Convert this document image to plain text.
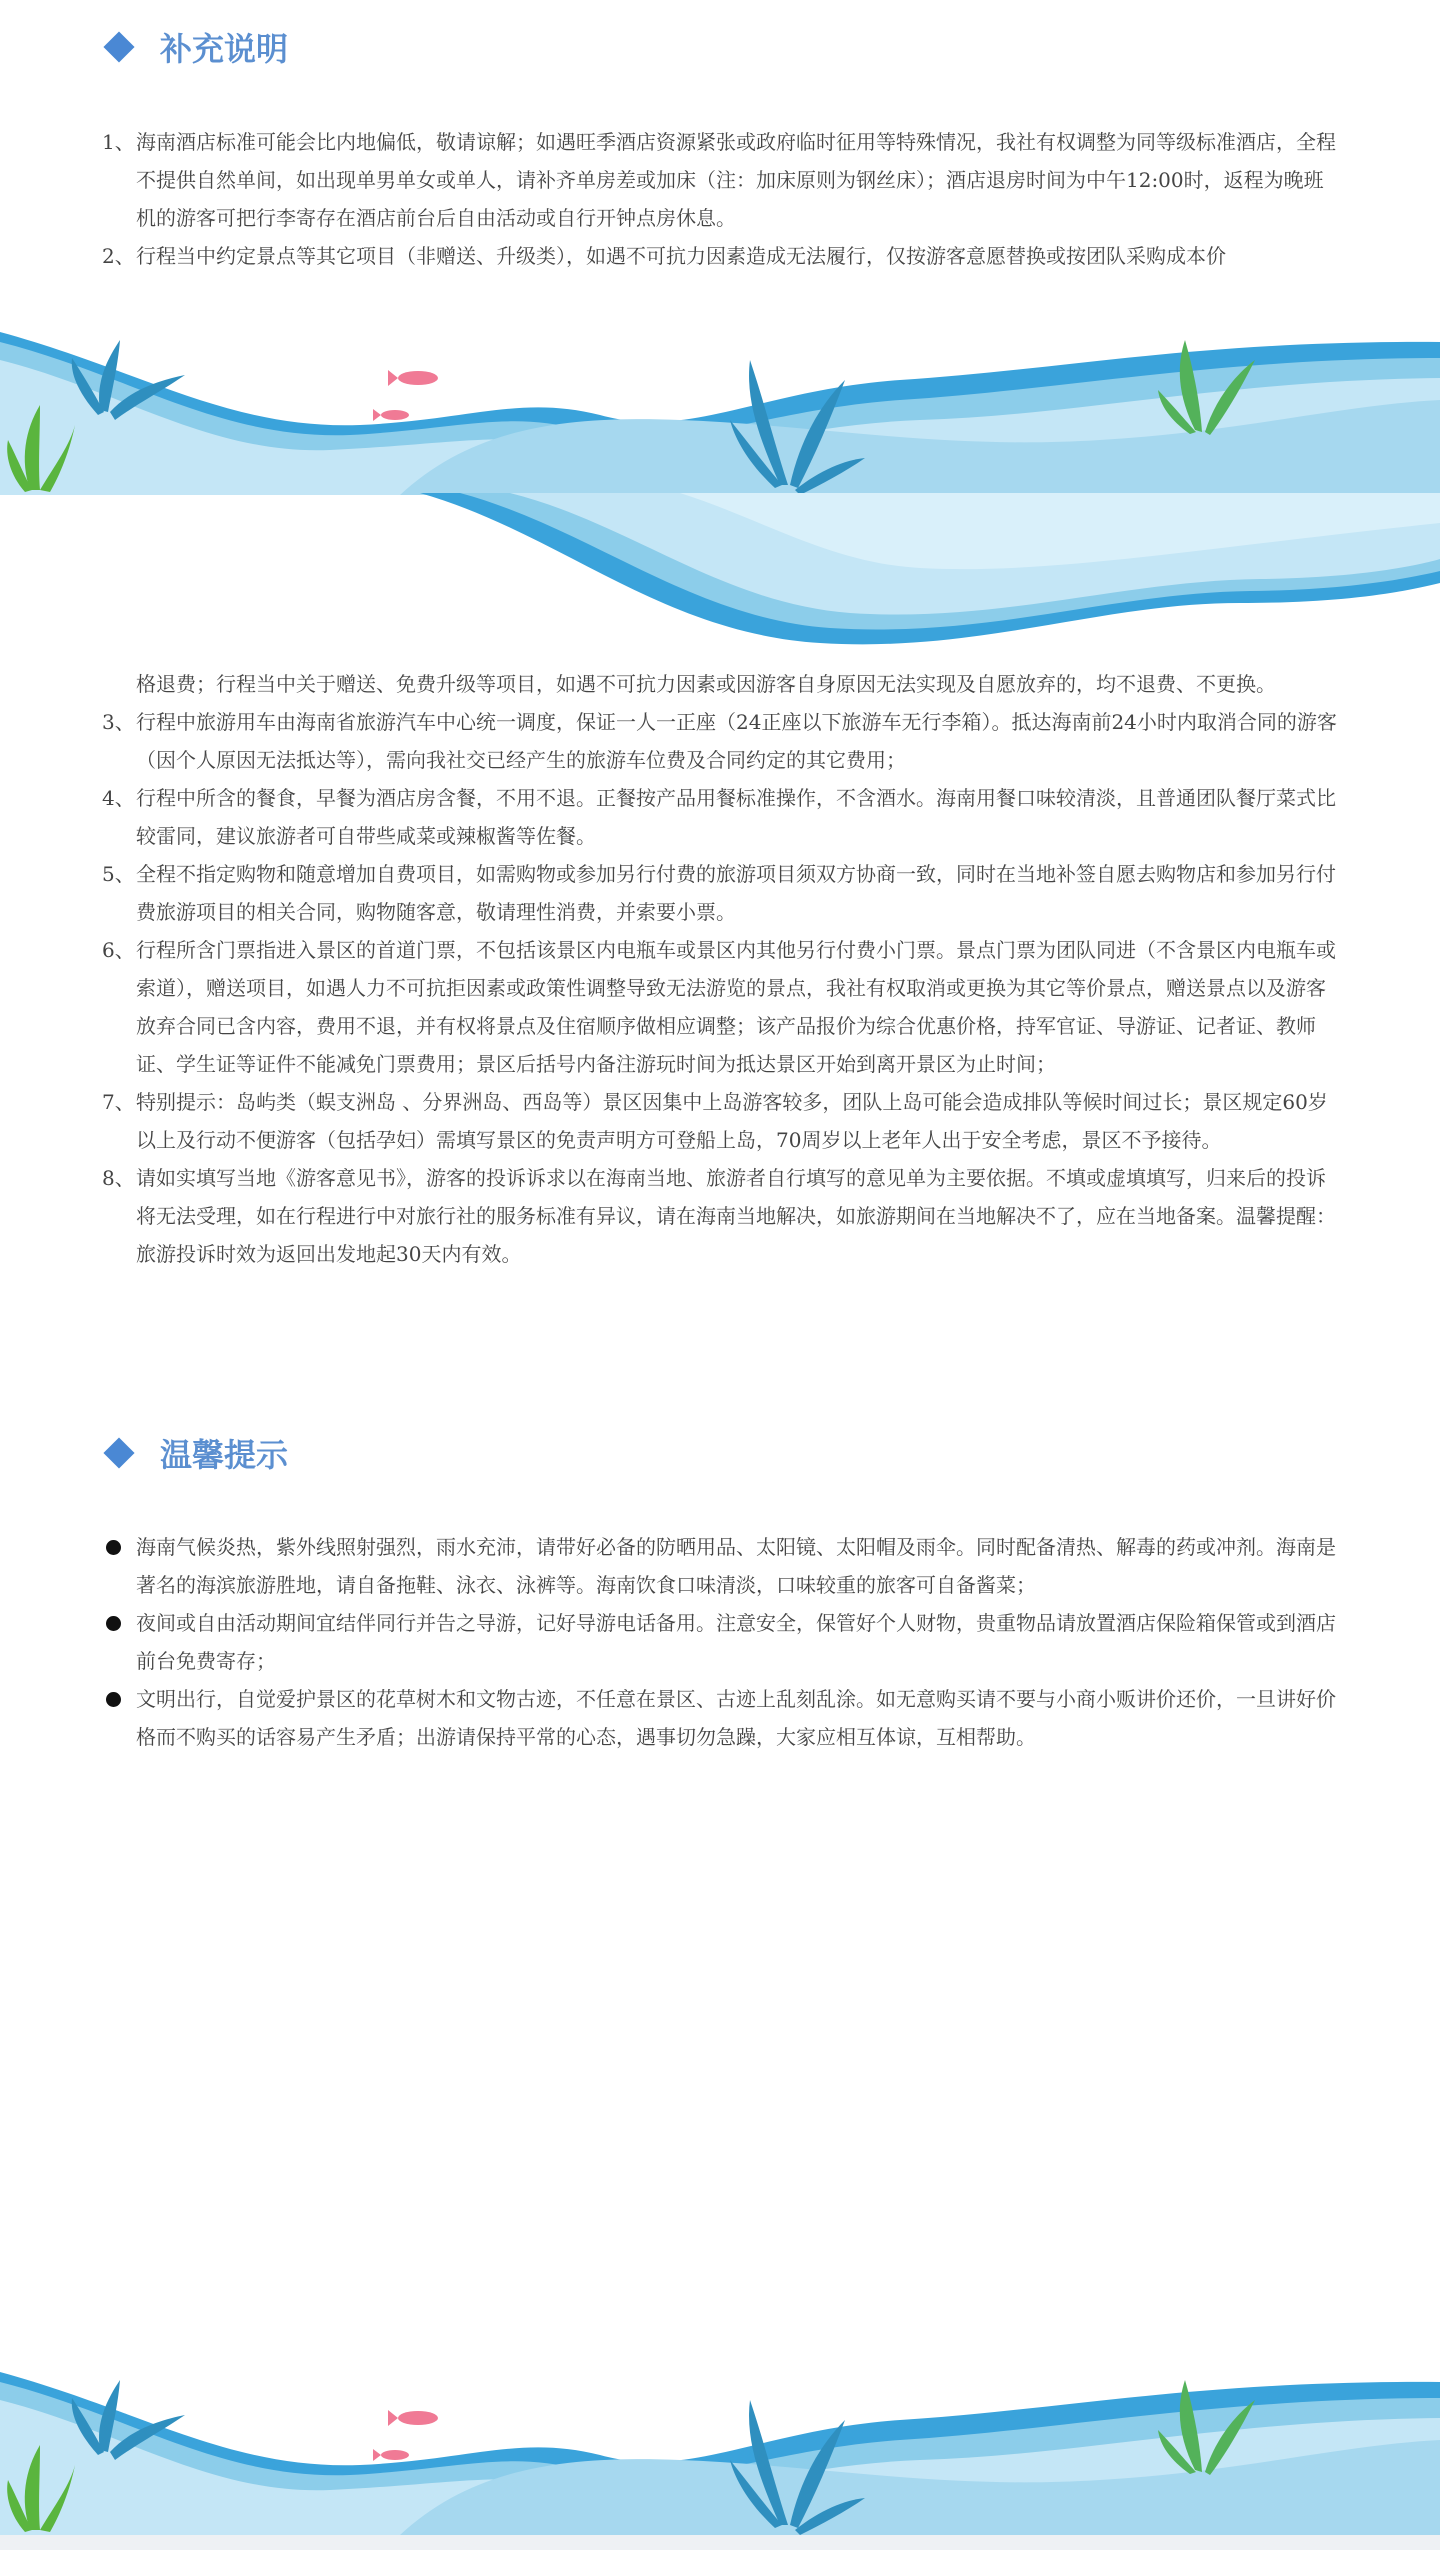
补充说明
1、 海南酒店标准可能会比内地偏低，敬请谅解；如遇旺季酒店资源紧张或政府临时征用等特殊情况，我社有权调整为同等级标准酒店，全程不提供自然单间，如出现单男单女或单人，请补齐单房差或加床（注：加床原则为钢丝床）；酒店退房时间为中午12:00时，返程为晚班机的游客可把行李寄存在酒店前台后自由活动或自行开钟点房休息。
2、 行程当中约定景点等其它项目（非赠送、升级类），如遇不可抗力因素造成无法履行，仅按游客意愿替换或按团队采购成本价
格退费；行程当中关于赠送、免费升级等项目，如遇不可抗力因素或因游客自身原因无法实现及自愿放弃的，均不退费、不更换。
3、 行程中旅游用车由海南省旅游汽车中心统一调度，保证一人一正座（24正座以下旅游车无行李箱）。抵达海南前24小时内取消合同的游客（因个人原因无法抵达等），需向我社交已经产生的旅游车位费及合同约定的其它费用；
4、 行程中所含的餐食，早餐为酒店房含餐，不用不退。正餐按产品用餐标准操作，不含酒水。海南用餐口味较清淡，且普通团队餐厅菜式比较雷同，建议旅游者可自带些咸菜或辣椒酱等佐餐。
5、 全程不指定购物和随意增加自费项目，如需购物或参加另行付费的旅游项目须双方协商一致，同时在当地补签自愿去购物店和参加另行付费旅游项目的相关合同，购物随客意，敬请理性消费，并索要小票。
6、 行程所含门票指进入景区的首道门票，不包括该景区内电瓶车或景区内其他另行付费小门票。景点门票为团队同进（不含景区内电瓶车或索道），赠送项目，如遇人力不可抗拒因素或政策性调整导致无法游览的景点，我社有权取消或更换为其它等价景点，赠送景点以及游客放弃合同已含内容，费用不退，并有权将景点及住宿顺序做相应调整；该产品报价为综合优惠价格，持军官证、导游证、记者证、教师证、学生证等证件不能减免门票费用；景区后括号内备注游玩时间为抵达景区开始到离开景区为止时间；
7、 特别提示：岛屿类（蜈支洲岛 、分界洲岛、西岛等）景区因集中上岛游客较多，团队上岛可能会造成排队等候时间过长；景区规定60岁以上及行动不便游客（包括孕妇）需填写景区的免责声明方可登船上岛，70周岁以上老年人出于安全考虑，景区不予接待。
8、 请如实填写当地《游客意见书》，游客的投诉诉求以在海南当地、旅游者自行填写的意见单为主要依据。不填或虚填填写，归来后的投诉将无法受理，如在行程进行中对旅行社的服务标准有异议，请在海南当地解决，如旅游期间在当地解决不了，应在当地备案。温馨提醒：旅游投诉时效为返回出发地起30天内有效。
温馨提示
海南气候炎热，紫外线照射强烈，雨水充沛，请带好必备的防晒用品、太阳镜、太阳帽及雨伞。同时配备清热、解毒的药或冲剂。海南是著名的海滨旅游胜地，请自备拖鞋、泳衣、泳裤等。海南饮食口味清淡，口味较重的旅客可自备酱菜；
夜间或自由活动期间宜结伴同行并告之导游，记好导游电话备用。注意安全，保管好个人财物，贵重物品请放置酒店保险箱保管或到酒店前台免费寄存；
文明出行，自觉爱护景区的花草树木和文物古迹，不任意在景区、古迹上乱刻乱涂。如无意购买请不要与小商小贩讲价还价，一旦讲好价格而不购买的话容易产生矛盾；出游请保持平常的心态，遇事切勿急躁，大家应相互体谅，互相帮助。
